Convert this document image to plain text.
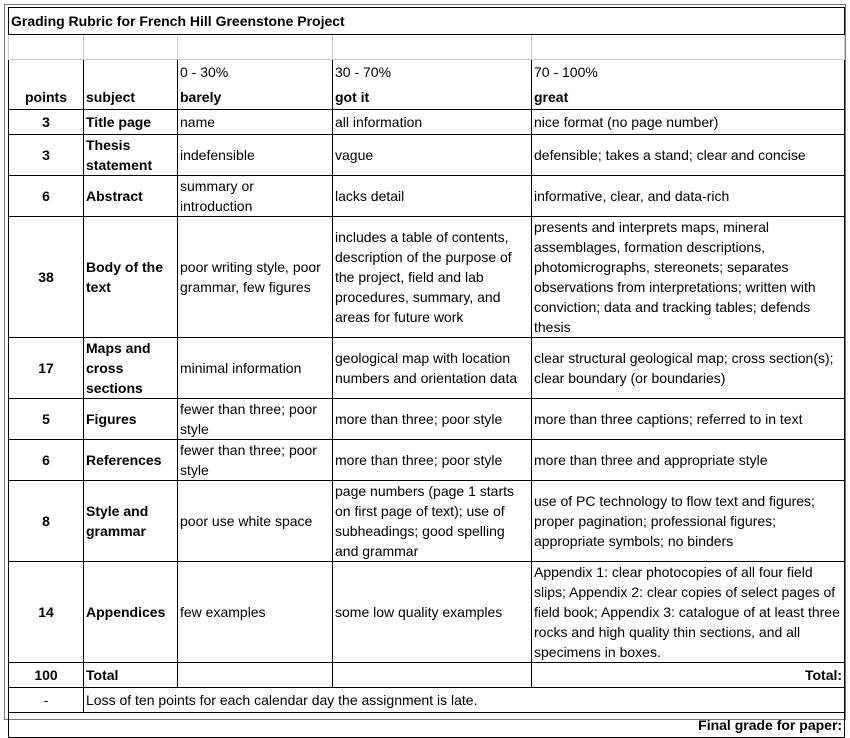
Grading Rubric for French Hill Greenstone Project				

		0 - 30%	30 - 70%	70 - 100%
points	subject	barely	got it	great
3	Title page	name	all information	nice format (no page number)
3	Thesis statement	indefensible	vague	defensible; takes a stand; clear and concise
6	Abstract	summary or introduction	lacks detail	informative, clear, and data-rich
38	Body of the text	poor writing style, poor grammar, few figures	includes a table of contents, description of the purpose of the project, field and lab procedures, summary, and areas for future work	presents and interprets maps, mineral assemblages, formation descriptions, photomicrographs, stereonets; separates observations from interpretations; written with conviction; data and tracking tables; defends thesis
17	Maps and cross sections	minimal information	geological map with location numbers and orientation data	clear structural geological map; cross section(s); clear boundary (or boundaries)
5	Figures	fewer than three; poor style	more than three; poor style	more than three captions; referred to in text
6	References	fewer than three; poor style	more than three; poor style	more than three and appropriate style
8	Style and grammar	poor use white space	page numbers (page 1 starts on first page of text); use of subheadings; good spelling and grammar	use of PC technology to flow text and figures; proper pagination; professional figures; appropriate symbols; no binders
14	Appendices	few examples	some low quality examples	Appendix 1: clear photocopies of all four field slips; Appendix 2: clear copies of select pages of field book; Appendix 3: catalogue of at least three rocks and high quality thin sections, and all specimens in boxes.
100	Total			Total:
-	Loss of ten points for each calendar day the assignment is late.			
	Final grade for paper:			
